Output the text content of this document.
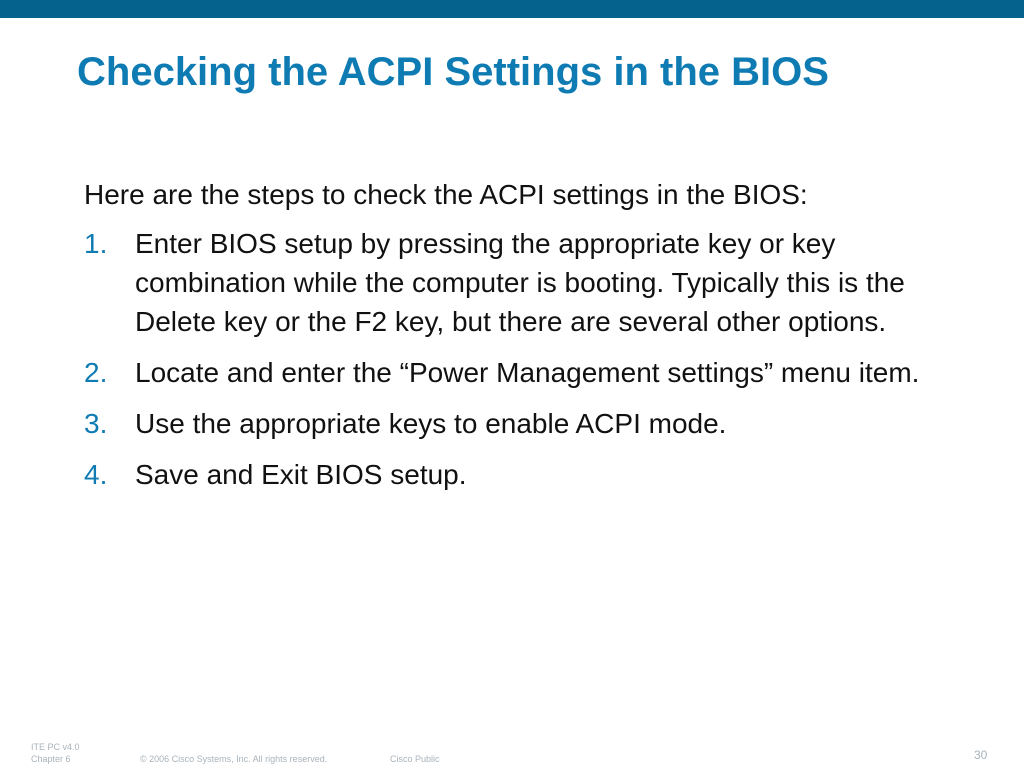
Checking the ACPI Settings in the BIOS

Here are the steps to check the ACPI settings in the BIOS:

1. Enter BIOS setup by pressing the appropriate key or key combination while the computer is booting. Typically this is the Delete key or the F2 key, but there are several other options.
2. Locate and enter the “Power Management settings” menu item.
3. Use the appropriate keys to enable ACPI mode.
4. Save and Exit BIOS setup.
ITE PC v4.0
Chapter 6	© 2006 Cisco Systems, Inc. All rights reserved.	Cisco Public	30
